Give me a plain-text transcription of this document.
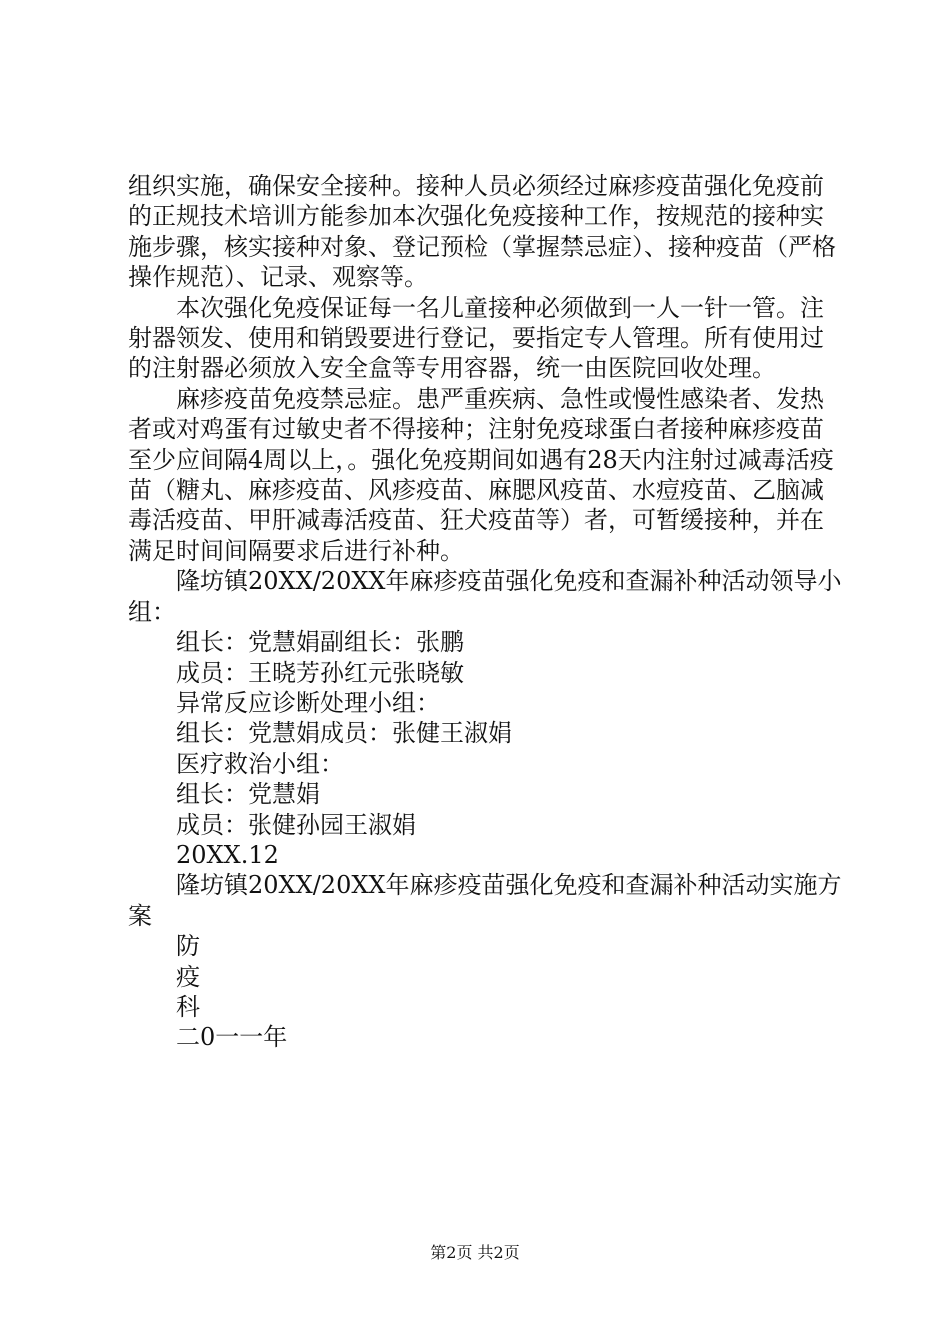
组织实施，确保安全接种。接种人员必须经过麻疹疫苗强化免疫前的正规技术培训方能参加本次强化免疫接种工作，按规范的接种实施步骤，核实接种对象、登记预检（掌握禁忌症）、接种疫苗（严格操作规范）、记录、观察等。

本次强化免疫保证每一名儿童接种必须做到一人一针一管。注射器领发、使用和销毁要进行登记，要指定专人管理。所有使用过的注射器必须放入安全盒等专用容器，统一由医院回收处理。

麻疹疫苗免疫禁忌症。患严重疾病、急性或慢性感染者、发热者或对鸡蛋有过敏史者不得接种；注射免疫球蛋白者接种麻疹疫苗至少应间隔4周以上，。强化免疫期间如遇有28天内注射过减毒活疫苗（糖丸、麻疹疫苗、风疹疫苗、麻腮风疫苗、水痘疫苗、乙脑减毒活疫苗、甲肝减毒活疫苗、狂犬疫苗等）者，可暂缓接种，并在满足时间间隔要求后进行补种。

隆坊镇20XX/20XX年麻疹疫苗强化免疫和查漏补种活动领导小组：

组长：党慧娟副组长：张鹏

成员：王晓芳孙红元张晓敏

异常反应诊断处理小组：

组长：党慧娟成员：张健王淑娟

医疗救治小组：

组长：党慧娟

成员：张健孙园王淑娟

20XX.12

隆坊镇20XX/20XX年麻疹疫苗强化免疫和查漏补种活动实施方案

防

疫

科

二0一一年

第2页 共2页
